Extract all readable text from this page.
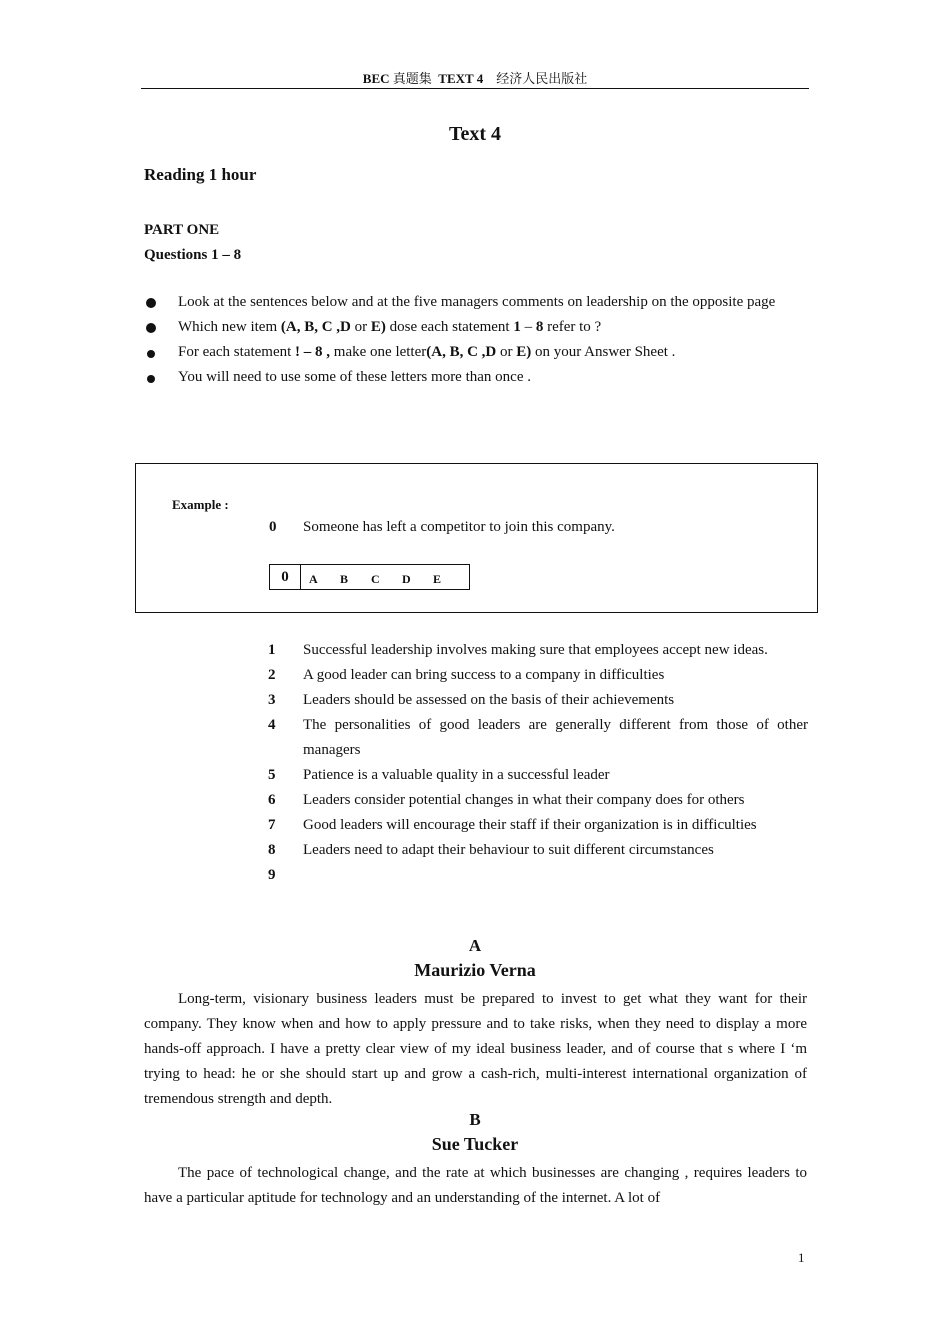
BEC 真题集 TEXT 4 经济人民出版社
Text 4
Reading 1 hour
PART ONE
Questions 1 – 8
Look at the sentences below and at the five managers comments on leadership on the opposite page
Which new item (A, B, C ,D or E) dose each statement 1 – 8 refer to ?
For each statement ! – 8 , make one letter(A, B, C ,D or E) on your Answer Sheet .
You will need to use some of these letters more than once .
Example :
0 Someone has left a competitor to join this company.
0	A	B	C	D	E
1	Successful leadership involves making sure that employees accept new ideas.
2	A good leader can bring success to a company in difficulties
3	Leaders should be assessed on the basis of their achievements
4	The personalities of good leaders are generally different from those of other managers
5	Patience is a valuable quality in a successful leader
6	Leaders consider potential changes in what their company does for others
7	Good leaders will encourage their staff if their organization is in difficulties
8	Leaders need to adapt their behaviour to suit different circumstances
9
A
Maurizio Verna
Long-term, visionary business leaders must be prepared to invest to get what they want for their company. They know when and how to apply pressure and to take risks, when they need to display a more hands-off approach. I have a pretty clear view of my ideal business leader, and of course that s where I ‘m trying to head: he or she should start up and grow a cash-rich, multi-interest international organization of tremendous strength and depth.
B
Sue Tucker
The pace of technological change, and the rate at which businesses are changing , requires leaders to have a particular aptitude for technology and an understanding of the internet. A lot of
1
